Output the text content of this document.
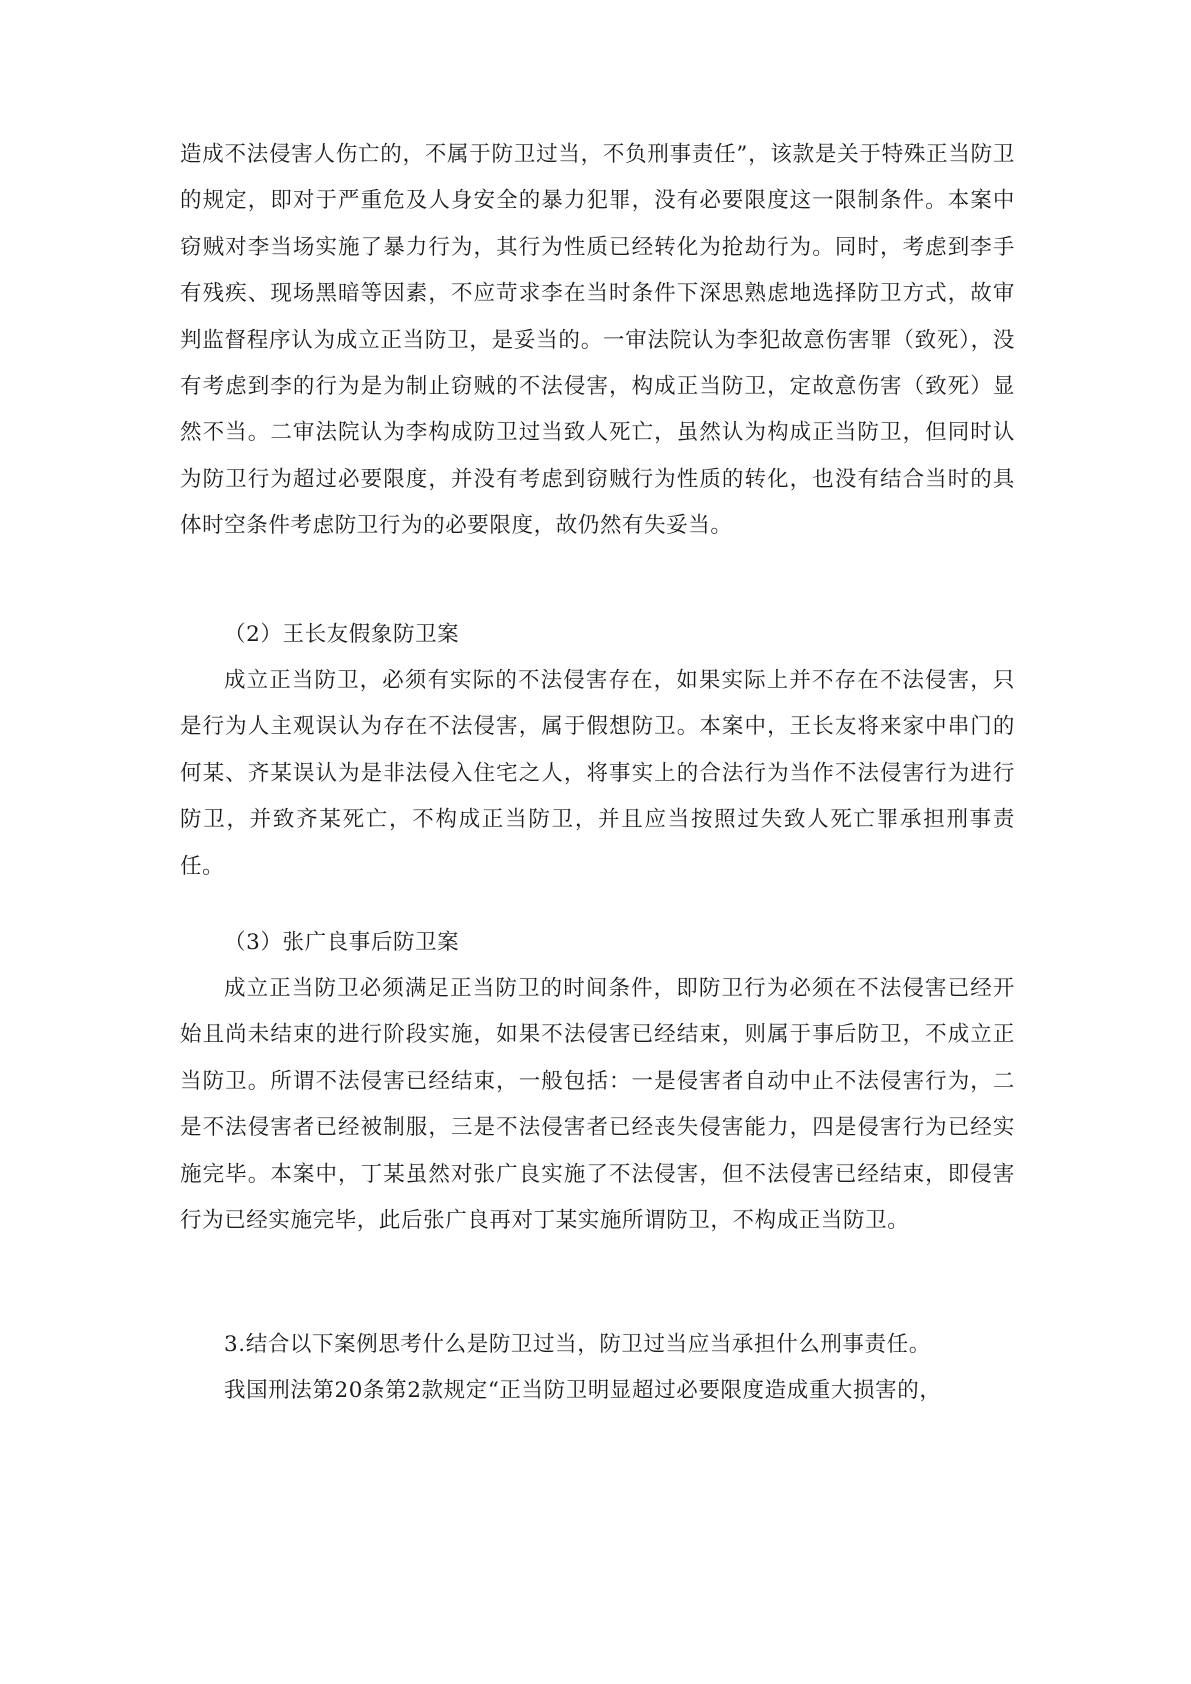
造成不法侵害人伤亡的，不属于防卫过当，不负刑事责任”，该款是关于特殊正当防卫的规定，即对于严重危及人身安全的暴力犯罪，没有必要限度这一限制条件。本案中窃贼对李当场实施了暴力行为，其行为性质已经转化为抢劫行为。同时，考虑到李手有残疾、现场黑暗等因素，不应苛求李在当时条件下深思熟虑地选择防卫方式，故审判监督程序认为成立正当防卫，是妥当的。一审法院认为李犯故意伤害罪（致死），没有考虑到李的行为是为制止窃贼的不法侵害，构成正当防卫，定故意伤害（致死）显然不当。二审法院认为李构成防卫过当致人死亡，虽然认为构成正当防卫，但同时认为防卫行为超过必要限度，并没有考虑到窃贼行为性质的转化，也没有结合当时的具体时空条件考虑防卫行为的必要限度，故仍然有失妥当。

（2）王长友假象防卫案

成立正当防卫，必须有实际的不法侵害存在，如果实际上并不存在不法侵害，只是行为人主观误认为存在不法侵害，属于假想防卫。本案中，王长友将来家中串门的何某、齐某误认为是非法侵入住宅之人，将事实上的合法行为当作不法侵害行为进行防卫，并致齐某死亡，不构成正当防卫，并且应当按照过失致人死亡罪承担刑事责任。

（3）张广良事后防卫案

成立正当防卫必须满足正当防卫的时间条件，即防卫行为必须在不法侵害已经开始且尚未结束的进行阶段实施，如果不法侵害已经结束，则属于事后防卫，不成立正当防卫。所谓不法侵害已经结束，一般包括：一是侵害者自动中止不法侵害行为，二是不法侵害者已经被制服，三是不法侵害者已经丧失侵害能力，四是侵害行为已经实施完毕。本案中，丁某虽然对张广良实施了不法侵害，但不法侵害已经结束，即侵害行为已经实施完毕，此后张广良再对丁某实施所谓防卫，不构成正当防卫。

3.结合以下案例思考什么是防卫过当，防卫过当应当承担什么刑事责任。

我国刑法第20条第2款规定“正当防卫明显超过必要限度造成重大损害的，
